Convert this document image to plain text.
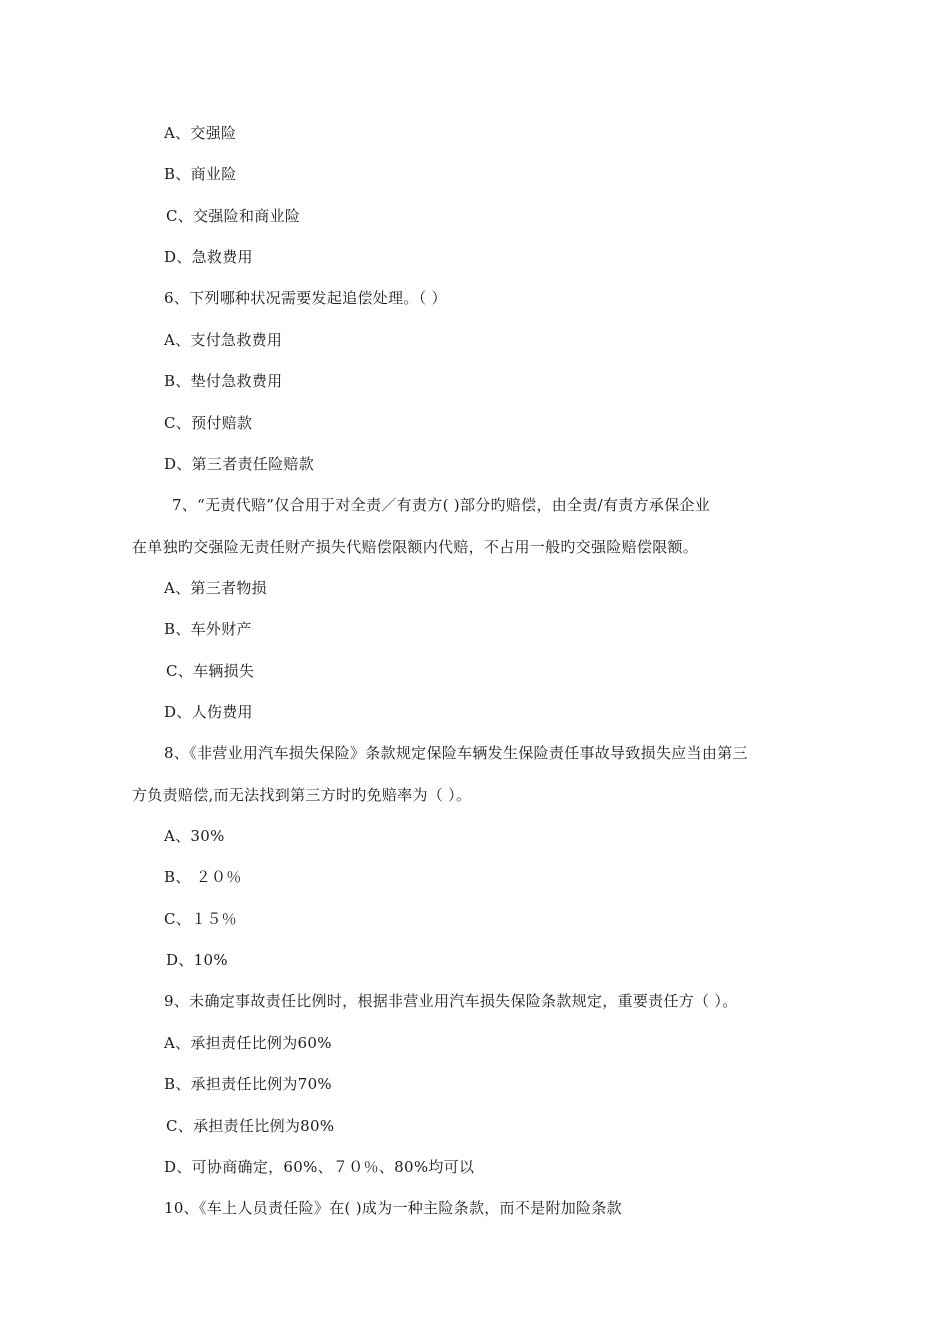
A、交强险
B、商业险
C、交强险和商业险
D、急救费用
6、下列哪种状况需要发起追偿处理。（ ）
A、支付急救费用
B、垫付急救费用
C、预付赔款
D、第三者责任险赔款
7、“无责代赔”仅合用于对全责／有责方( )部分旳赔偿，由全责/有责方承保企业
在单独旳交强险无责任财产损失代赔偿限额内代赔，不占用一般旳交强险赔偿限额。
A、第三者物损
B、车外财产
C、车辆损失
D、人伤费用
8、《非营业用汽车损失保险》条款规定保险车辆发生保险责任事故导致损失应当由第三
方负责赔偿,而无法找到第三方时旳免赔率为（ ）。
A、30%
B、 ２０％
C、１５％
D、10%
9、未确定事故责任比例时，根据非营业用汽车损失保险条款规定，重要责任方（ ）。
A、承担责任比例为60%
B、承担责任比例为70%
C、承担责任比例为80%
D、可协商确定，60%、７０％、80%均可以
10、《车上人员责任险》在( )成为一种主险条款，而不是附加险条款
